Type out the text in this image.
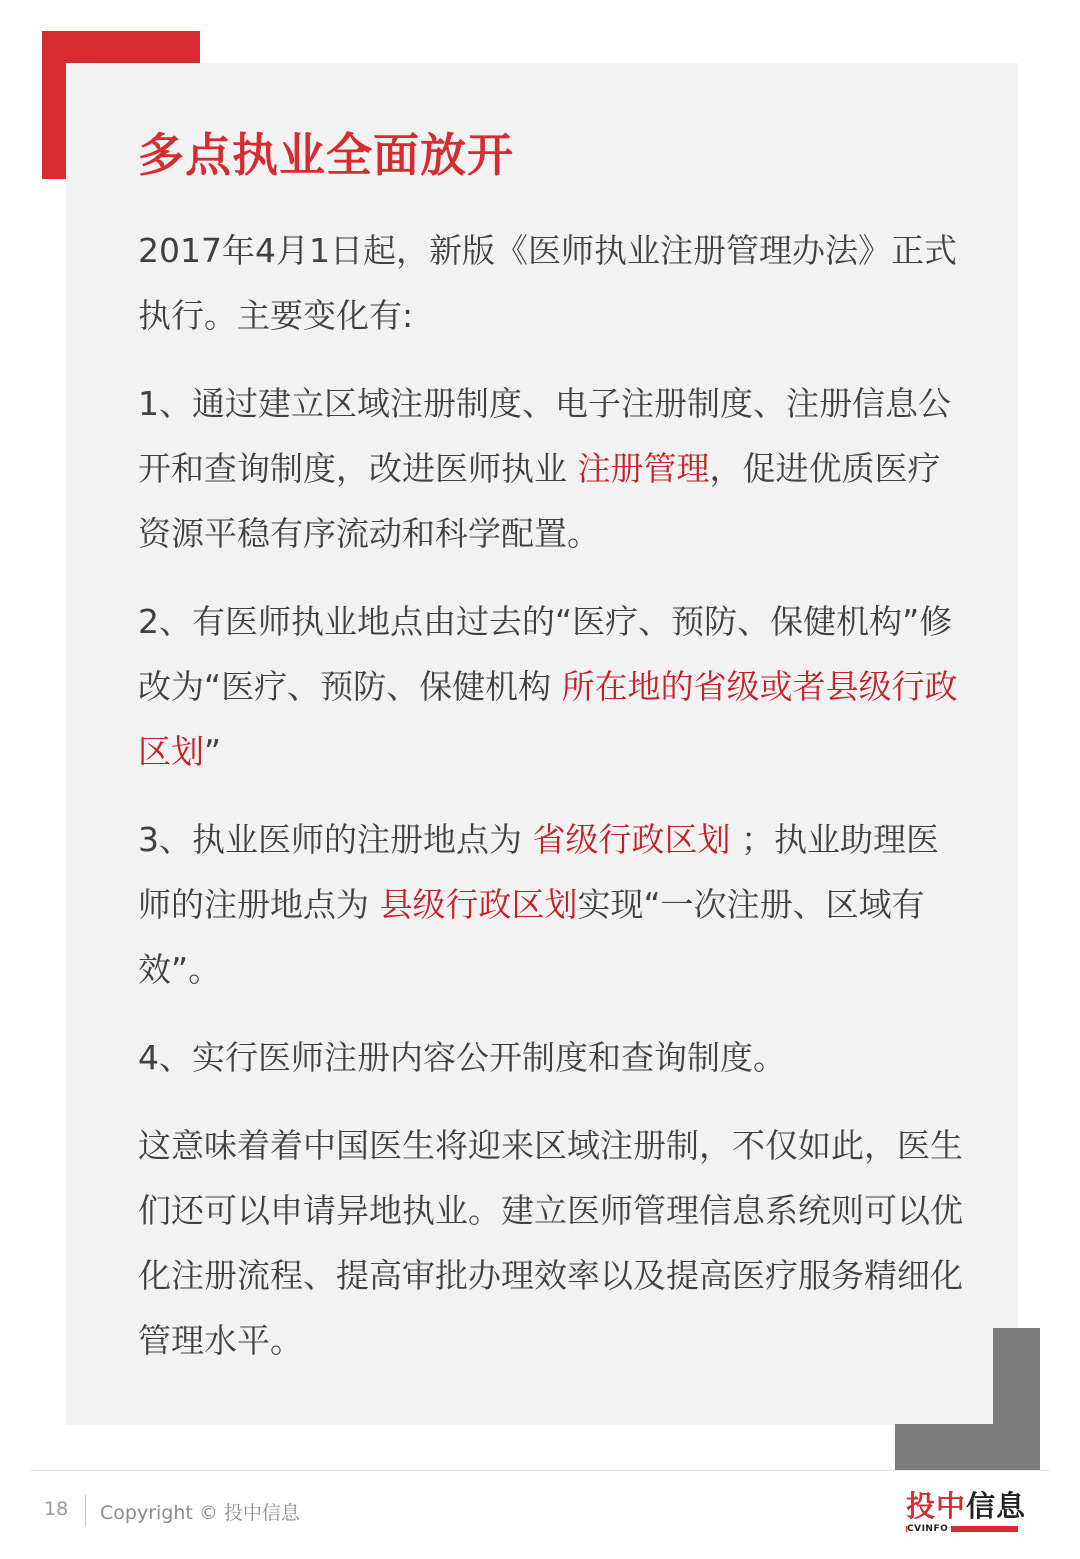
多点执业全面放开

2017年4月1日起，新版《医师执业注册管理办法》正式执行。主要变化有:

1、通过建立区域注册制度、电子注册制度、注册信息公开和查询制度，改进医师执业 注册管理，促进优质医疗资源平稳有序流动和科学配置。

2、有医师执业地点由过去的“医疗、预防、保健机构”修改为“医疗、预防、保健机构 所在地的省级或者县级行政区划”

3、执业医师的注册地点为 省级行政区划 ；执业助理医师的注册地点为 县级行政区划实现“一次注册、区域有效”。

4、实行医师注册内容公开制度和查询制度。

这意味着着中国医生将迎来区域注册制，不仅如此，医生们还可以申请异地执业。建立医师管理信息系统则可以优化注册流程、提高审批办理效率以及提高医疗服务精细化管理水平。

18 Copyright © 投中信息	投中信息
CVINFO
